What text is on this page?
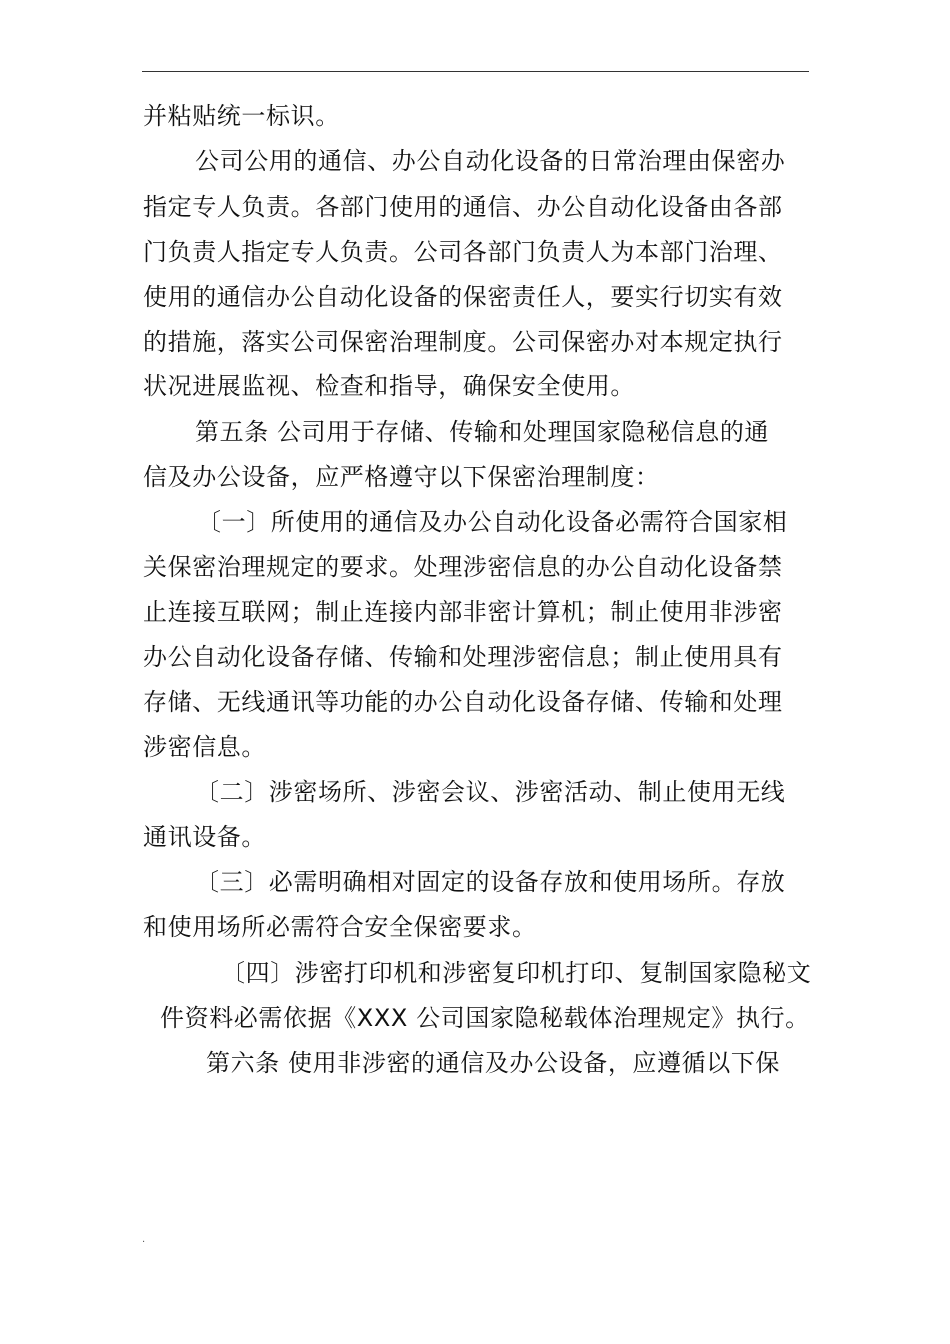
并粘贴统一标识。
公司公用的通信、办公自动化设备的日常治理由保密办
指定专人负责。各部门使用的通信、办公自动化设备由各部
门负责人指定专人负责。公司各部门负责人为本部门治理、
使用的通信办公自动化设备的保密责任人，要实行切实有效
的措施，落实公司保密治理制度。公司保密办对本规定执行
状况进展监视、检查和指导，确保安全使用。
第五条 公司用于存储、传输和处理国家隐秘信息的通
信及办公设备，应严格遵守以下保密治理制度：
〔一〕所使用的通信及办公自动化设备必需符合国家相
关保密治理规定的要求。处理涉密信息的办公自动化设备禁
止连接互联网；制止连接内部非密计算机；制止使用非涉密
办公自动化设备存储、传输和处理涉密信息；制止使用具有
存储、无线通讯等功能的办公自动化设备存储、传输和处理
涉密信息。
〔二〕涉密场所、涉密会议、涉密活动、制止使用无线
通讯设备。
〔三〕必需明确相对固定的设备存放和使用场所。存放
和使用场所必需符合安全保密要求。
〔四〕涉密打印机和涉密复印机打印、复制国家隐秘文
件资料必需依据《XXX 公司国家隐秘载体治理规定》执行。
第六条 使用非涉密的通信及办公设备，应遵循以下保
.
